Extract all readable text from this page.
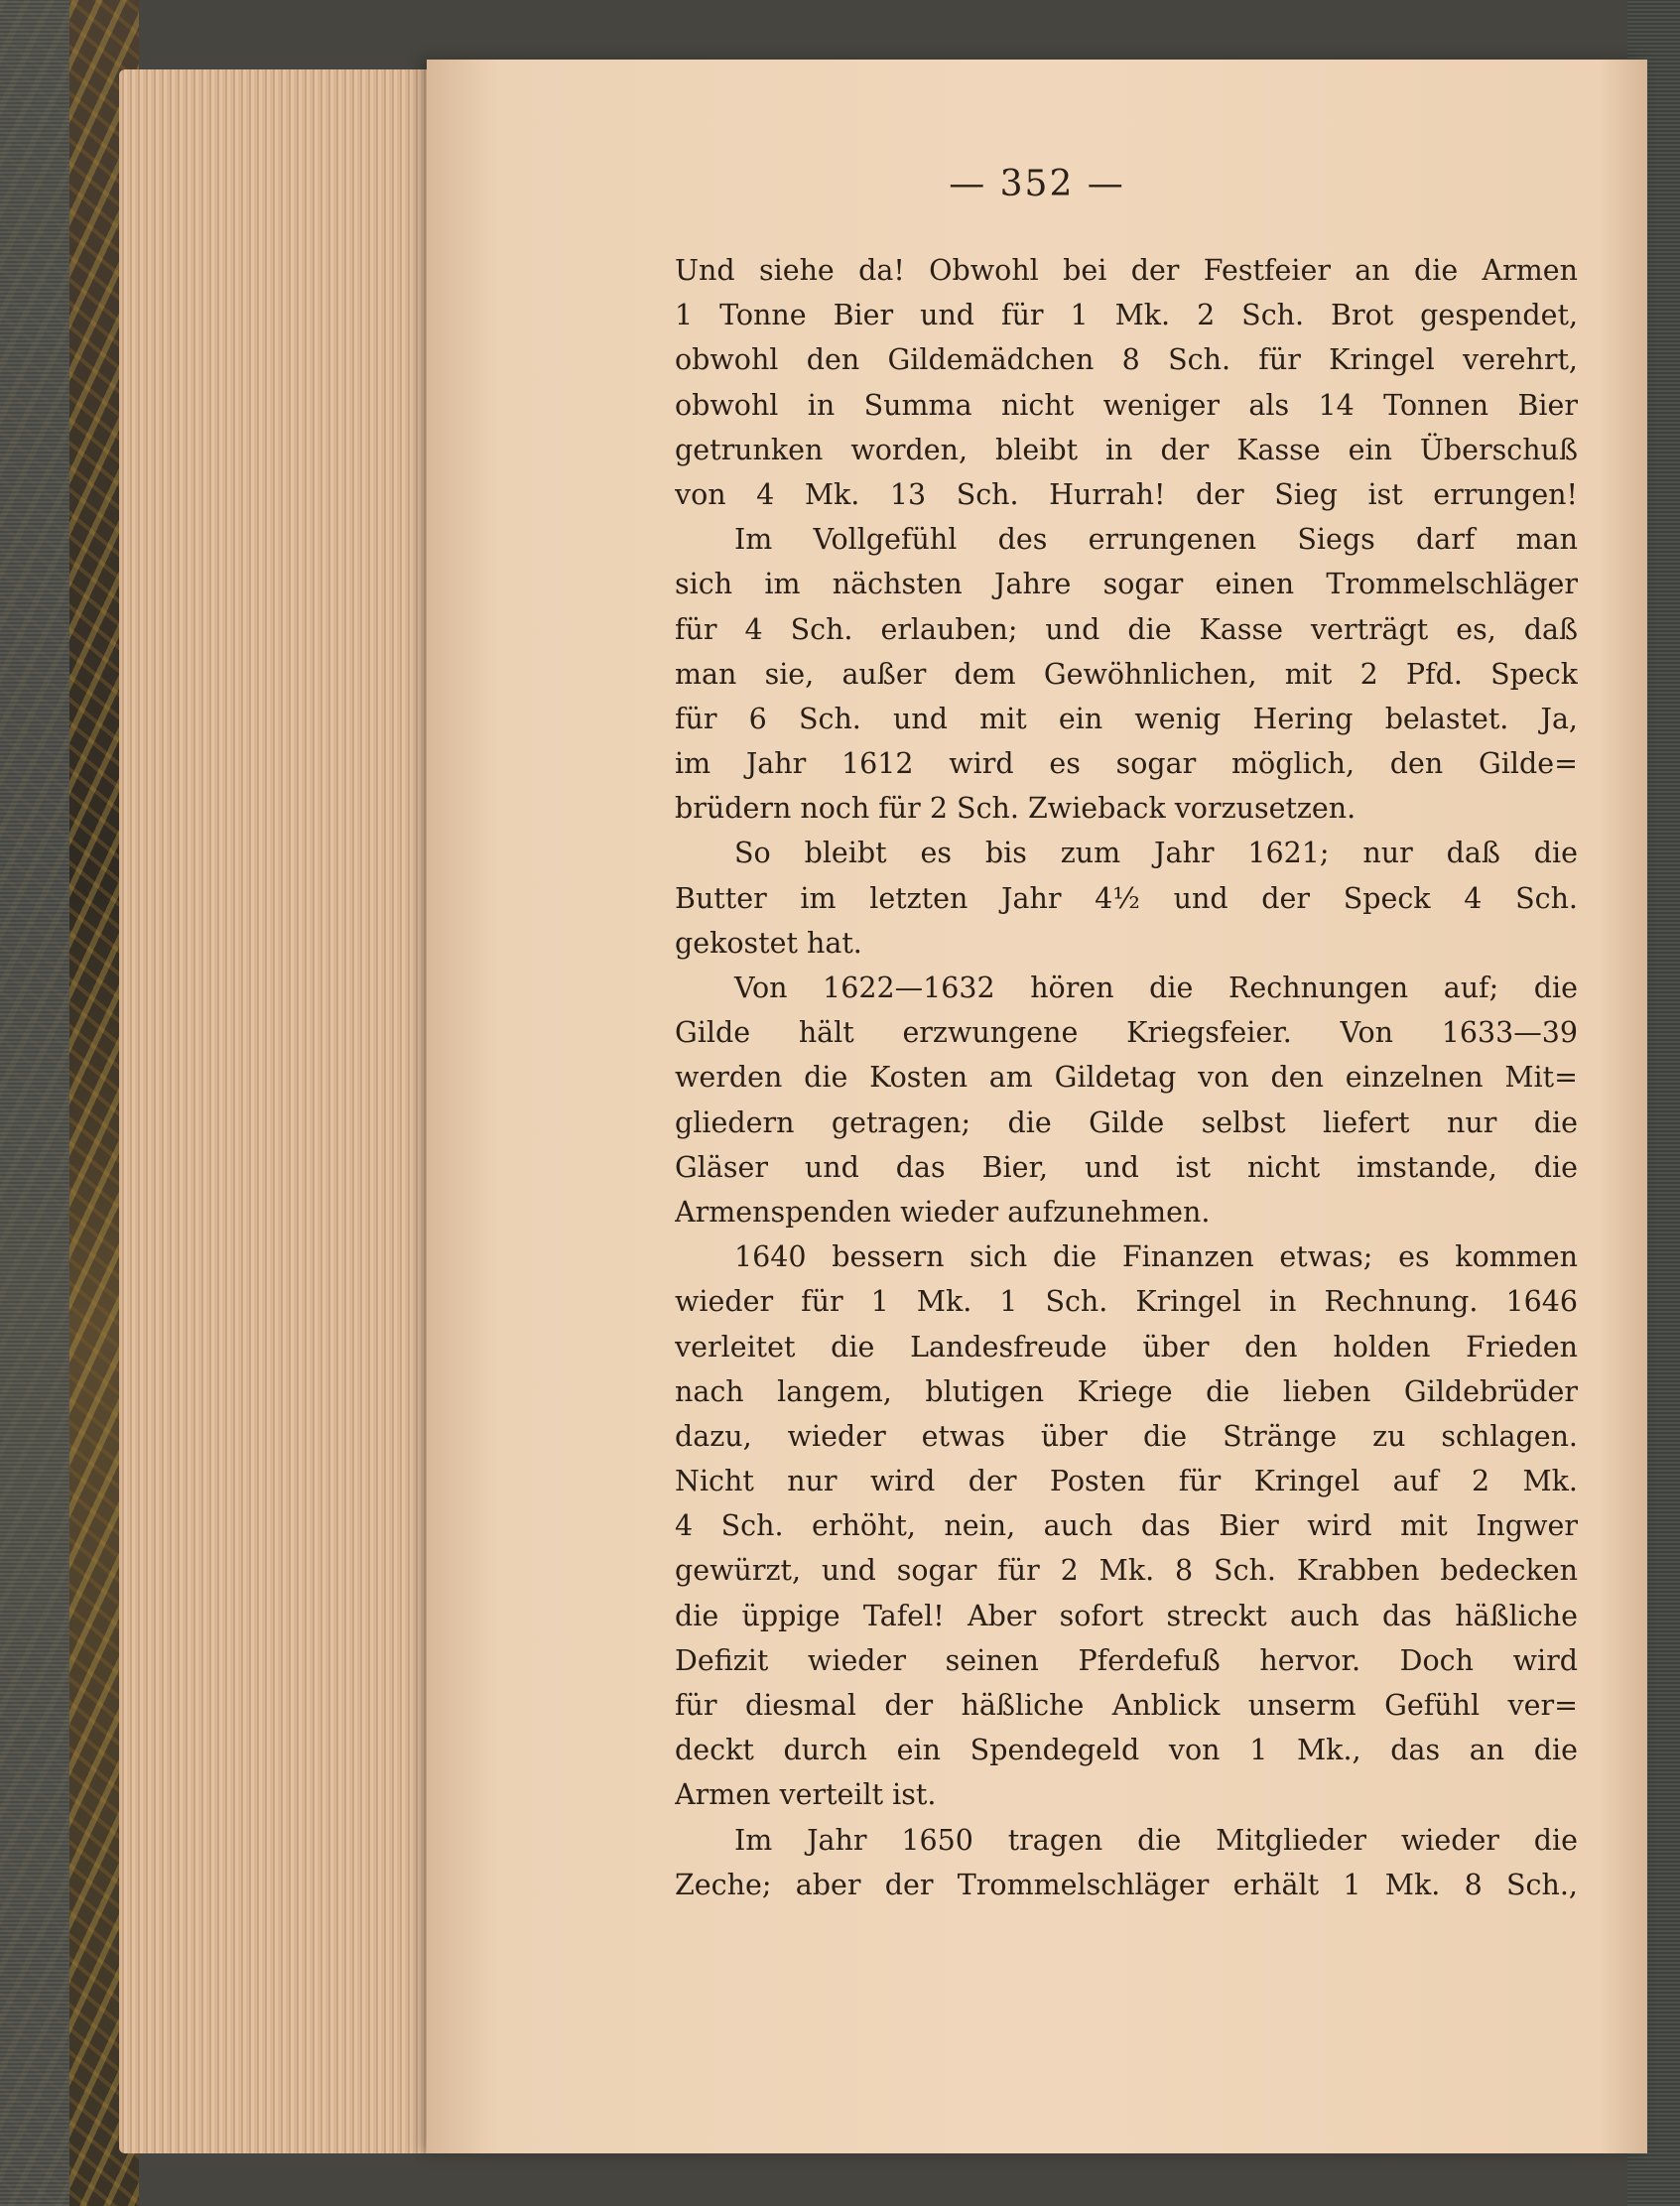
— 352 —
Und siehe da! Obwohl bei der Festfeier an die Armen
1 Tonne Bier und für 1 Mk. 2 Sch. Brot gespendet,
obwohl den Gildemädchen 8 Sch. für Kringel verehrt,
obwohl in Summa nicht weniger als 14 Tonnen Bier
getrunken worden, bleibt in der Kasse ein Überschuß
von 4 Mk. 13 Sch. Hurrah! der Sieg ist errungen!
Im Vollgefühl des errungenen Siegs darf man
sich im nächsten Jahre sogar einen Trommelschläger
für 4 Sch. erlauben; und die Kasse verträgt es, daß
man sie, außer dem Gewöhnlichen, mit 2 Pfd. Speck
für 6 Sch. und mit ein wenig Hering belastet. Ja,
im Jahr 1612 wird es sogar möglich, den Gilde=
brüdern noch für 2 Sch. Zwieback vorzusetzen.
So bleibt es bis zum Jahr 1621; nur daß die
Butter im letzten Jahr 4½ und der Speck 4 Sch.
gekostet hat.
Von 1622—1632 hören die Rechnungen auf; die
Gilde hält erzwungene Kriegsfeier. Von 1633—39
werden die Kosten am Gildetag von den einzelnen Mit=
gliedern getragen; die Gilde selbst liefert nur die
Gläser und das Bier, und ist nicht imstande, die
Armenspenden wieder aufzunehmen.
1640 bessern sich die Finanzen etwas; es kommen
wieder für 1 Mk. 1 Sch. Kringel in Rechnung. 1646
verleitet die Landesfreude über den holden Frieden
nach langem, blutigen Kriege die lieben Gildebrüder
dazu, wieder etwas über die Stränge zu schlagen.
Nicht nur wird der Posten für Kringel auf 2 Mk.
4 Sch. erhöht, nein, auch das Bier wird mit Ingwer
gewürzt, und sogar für 2 Mk. 8 Sch. Krabben bedecken
die üppige Tafel! Aber sofort streckt auch das häßliche
Defizit wieder seinen Pferdefuß hervor. Doch wird
für diesmal der häßliche Anblick unserm Gefühl ver=
deckt durch ein Spendegeld von 1 Mk., das an die
Armen verteilt ist.
Im Jahr 1650 tragen die Mitglieder wieder die
Zeche; aber der Trommelschläger erhält 1 Mk. 8 Sch.,
